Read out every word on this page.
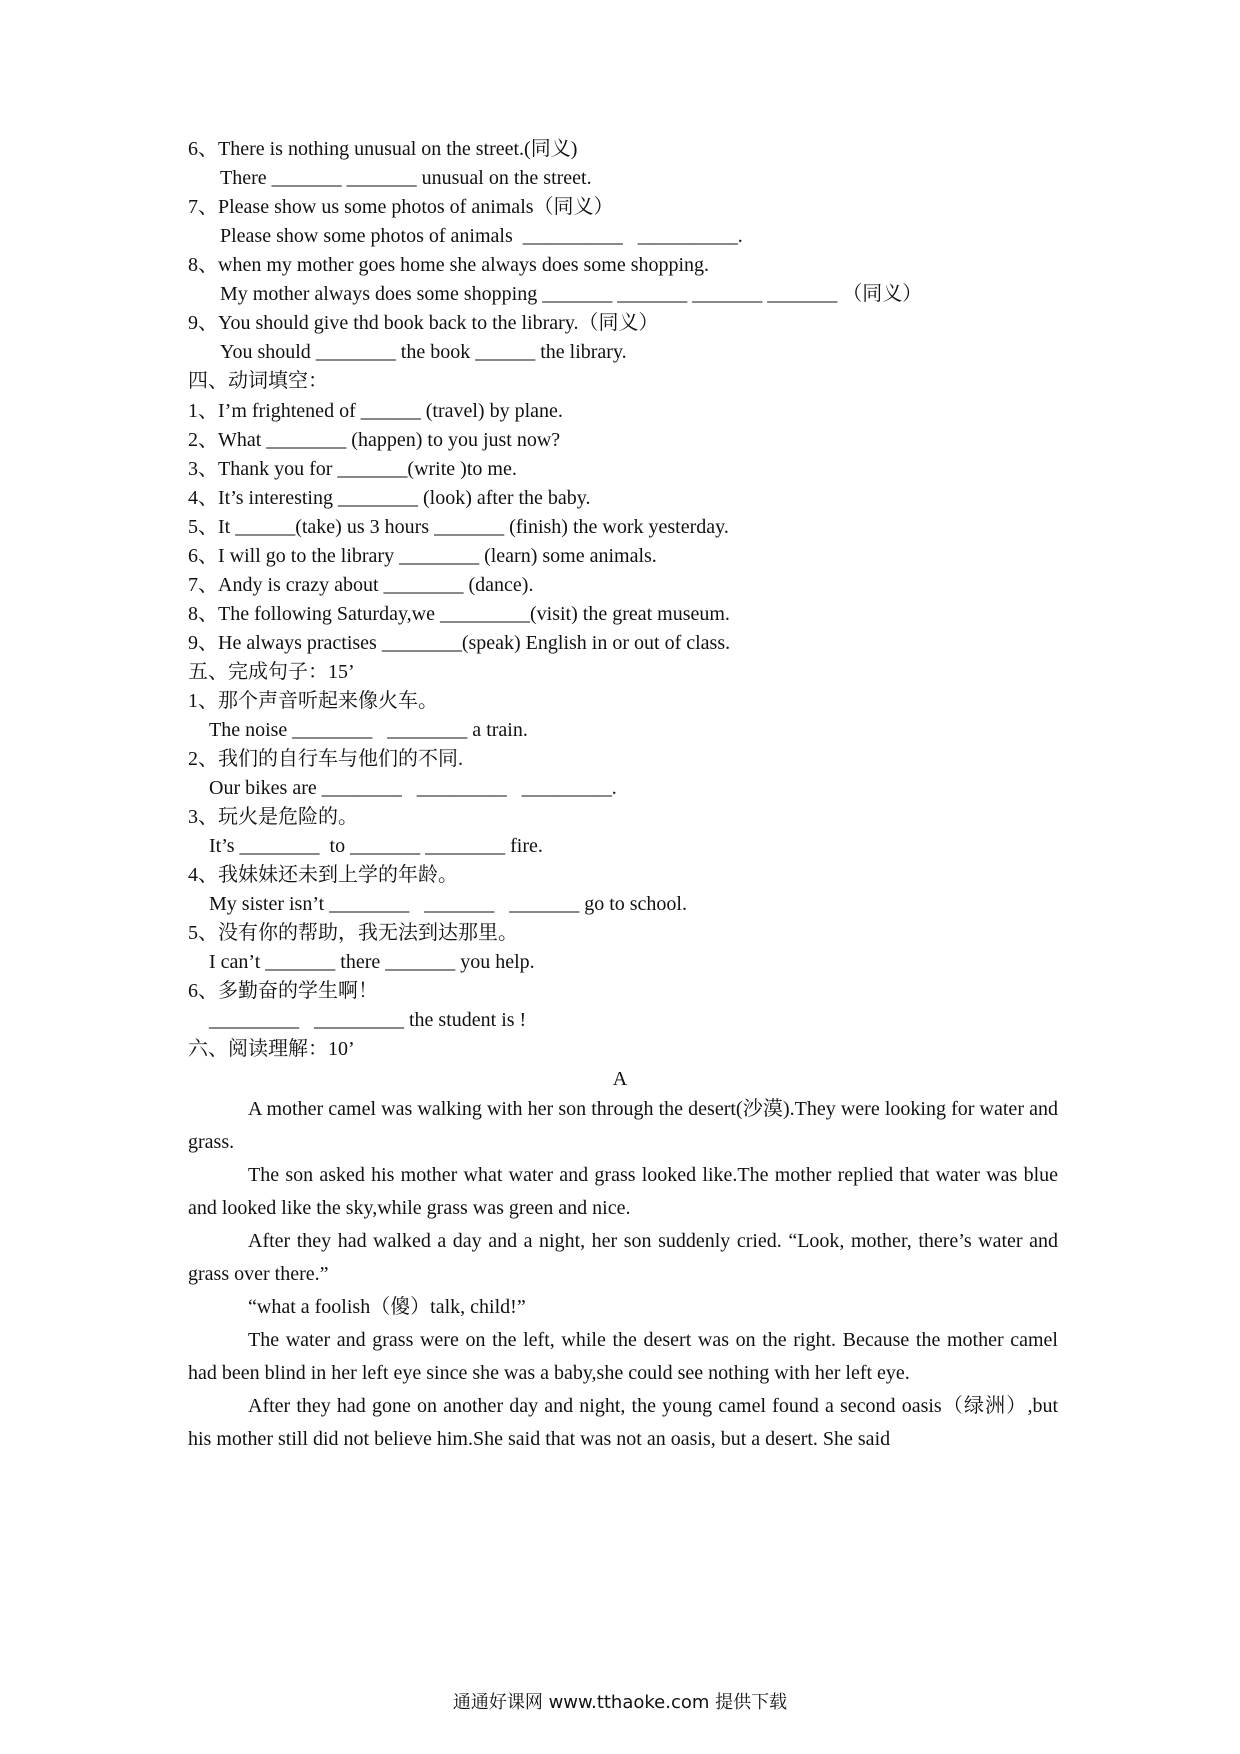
6、There is nothing unusual on the street.(同义)
There _______ _______ unusual on the street.
7、Please show us some photos of animals（同义）
Please show some photos of animals  __________   __________.
8、when my mother goes home she always does some shopping.
My mother always does some shopping _______ _______ _______ _______ （同义）
9、You should give thd book back to the library.（同义）
You should ________ the book ______ the library.
四、动词填空：
1、I’m frightened of ______ (travel) by plane.
2、What ________ (happen) to you just now?
3、Thank you for _______(write )to me.
4、It’s interesting ________ (look) after the baby.
5、It ______(take) us 3 hours _______ (finish) the work yesterday.
6、I will go to the library ________ (learn) some animals.
7、Andy is crazy about ________ (dance).
8、The following Saturday,we _________(visit) the great museum.
9、He always practises ________(speak) English in or out of class.
五、完成句子：15’
1、那个声音听起来像火车。
The noise ________   ________ a train.
2、我们的自行车与他们的不同.
Our bikes are ________   _________   _________.
3、玩火是危险的。
It’s ________  to _______ ________ fire.
4、我妹妹还未到上学的年龄。
My sister isn’t ________   _______   _______ go to school.
5、没有你的帮助，我无法到达那里。
I can’t _______ there _______ you help.
6、多勤奋的学生啊！
_________   _________ the student is !
六、阅读理解：10’
A
A mother camel was walking with her son through the desert(沙漠).They were looking for water and grass.
The son asked his mother what water and grass looked like.The mother replied that water was blue and looked like the sky,while grass was green and nice.
After they had walked a day and a night, her son suddenly cried. “Look, mother, there’s water and grass over there.”
“what a foolish（傻）talk, child!”
The water and grass were on the left, while the desert was on the right. Because the mother camel had been blind in her left eye since she was a baby,she could see nothing with her left eye.
After they had gone on another day and night, the young camel found a second oasis（绿洲）,but his mother still did not believe him.She said that was not an oasis, but a desert. She said
通通好课网 www.tthaoke.com 提供下载
